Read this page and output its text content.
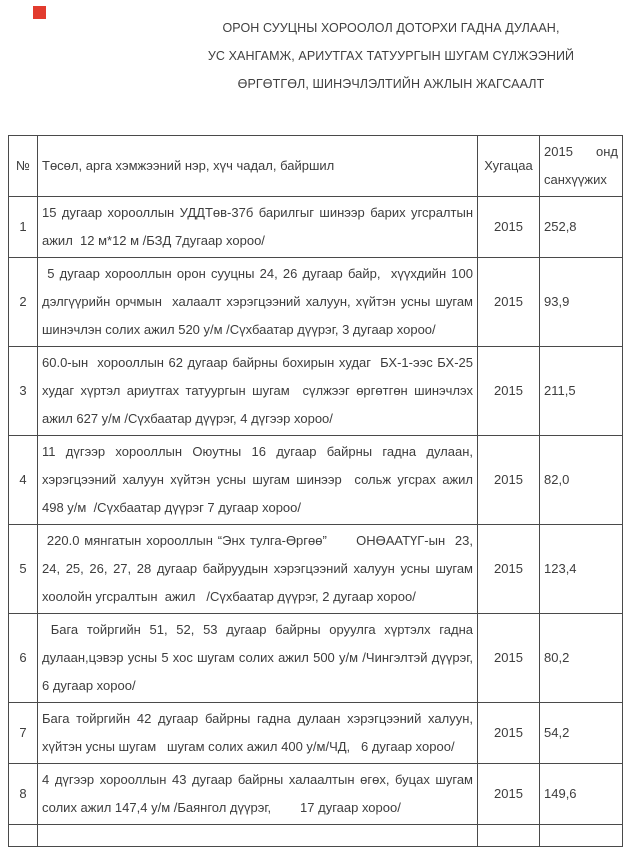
ОРОН СУУЦНЫ ХОРООЛОЛ ДОТОРХИ ГАДНА ДУЛААН,
УС ХАНГАМЖ, АРИУТГАХ ТАТУУРГЫН ШУГАМ СҮЛЖЭЭНИЙ
ӨРГӨТГӨЛ, ШИНЭЧЛЭЛТИЙН АЖЛЫН ЖАГСААЛТ
№	Төсөл, арга хэмжээний нэр, хүч чадал, байршил	Хугацаа	2015 онд санхүүжих
1	15 дугаар хорооллын УДДТөв-37б барилгыг шинээр барих угсралтын ажил  12 м*12 м /БЗД 7дугаар хороо/	2015	252,8
2	5 дугаар хорооллын орон сууцны 24, 26 дугаар байр,  хүүхдийн 100 дэлгүүрийн орчмын  халаалт хэрэгцээний халуун, хүйтэн усны шугам шинэчлэн солих ажил 520 у/м /Сүхбаатар дүүрэг, 3 дугаар хороо/	2015	93,9
3	60.0-ын  хорооллын 62 дугаар байрны бохирын худаг  БХ-1-ээс БХ-25 худаг хүртэл ариутгах татуургын шугам  сүлжээг өргөтгөн шинэчлэх ажил 627 у/м /Сүхбаатар дүүрэг, 4 дүгээр хороо/	2015	211,5
4	11 дүгээр хорооллын Оюутны 16 дугаар байрны гадна дулаан, хэрэгцээний халуун хүйтэн усны шугам шинээр  сольж угсрах ажил 498 у/м  /Сүхбаатар дүүрэг 7 дугаар хороо/	2015	82,0
5	220.0 мянгатын хорооллын “Энх тулга-Өргөө”      ОНӨААТҮГ-ын  23, 24, 25, 26, 27, 28 дугаар байруудын хэрэгцээний халуун усны шугам хоолойн угсралтын  ажил   /Сүхбаатар дүүрэг, 2 дугаар хороо/	2015	123,4
6	Бага тойргийн 51, 52, 53 дугаар байрны оруулга хүртэлх гадна дулаан,цэвэр усны 5 хос шугам солих ажил 500 у/м /Чингэлтэй дүүрэг, 6 дугаар хороо/	2015	80,2
7	Бага тойргийн 42 дугаар байрны гадна дулаан хэрэгцээний халуун, хүйтэн усны шугам   шугам солих ажил 400 у/м/ЧД,   6 дугаар хороо/	2015	54,2
8	4 дүгээр хорооллын 43 дугаар байрны халаалтын өгөх, буцах шугам солих ажил 147,4 у/м /Баянгол дүүрэг,        17 дугаар хороо/	2015	149,6
